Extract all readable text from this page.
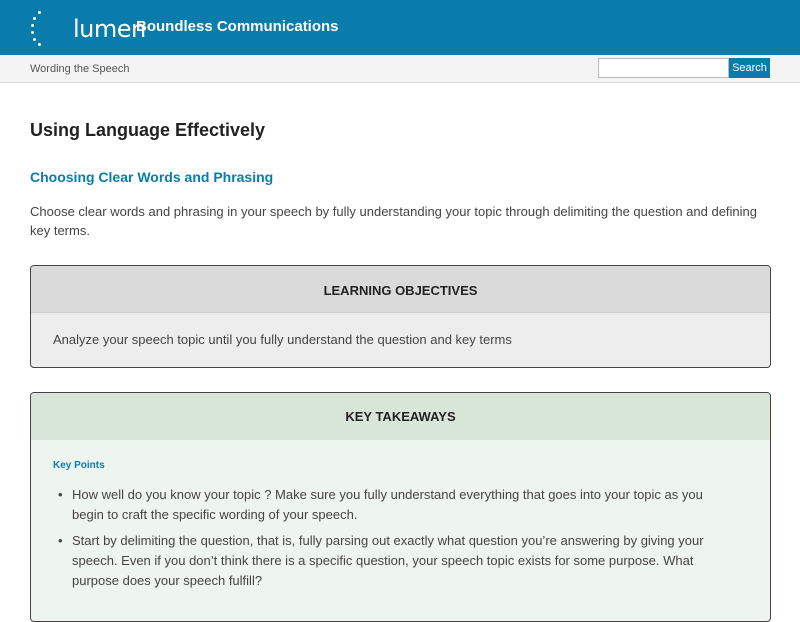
lumen
Boundless Communications
Wording the Speech	Search
Using Language Effectively
Choosing Clear Words and Phrasing

Choose clear words and phrasing in your speech by fully understanding your topic through delimiting the question and defining key terms.

LEARNING OBJECTIVES
Analyze your speech topic until you fully understand the question and key terms
KEY TAKEAWAYS
Key Points
• How well do you know your topic ? Make sure you fully understand everything that goes into your topic as you begin to craft the specific wording of your speech.
• Start by delimiting the question, that is, fully parsing out exactly what question you’re answering by giving your speech. Even if you don’t think there is a specific question, your speech topic exists for some purpose. What purpose does your speech fulfill?
